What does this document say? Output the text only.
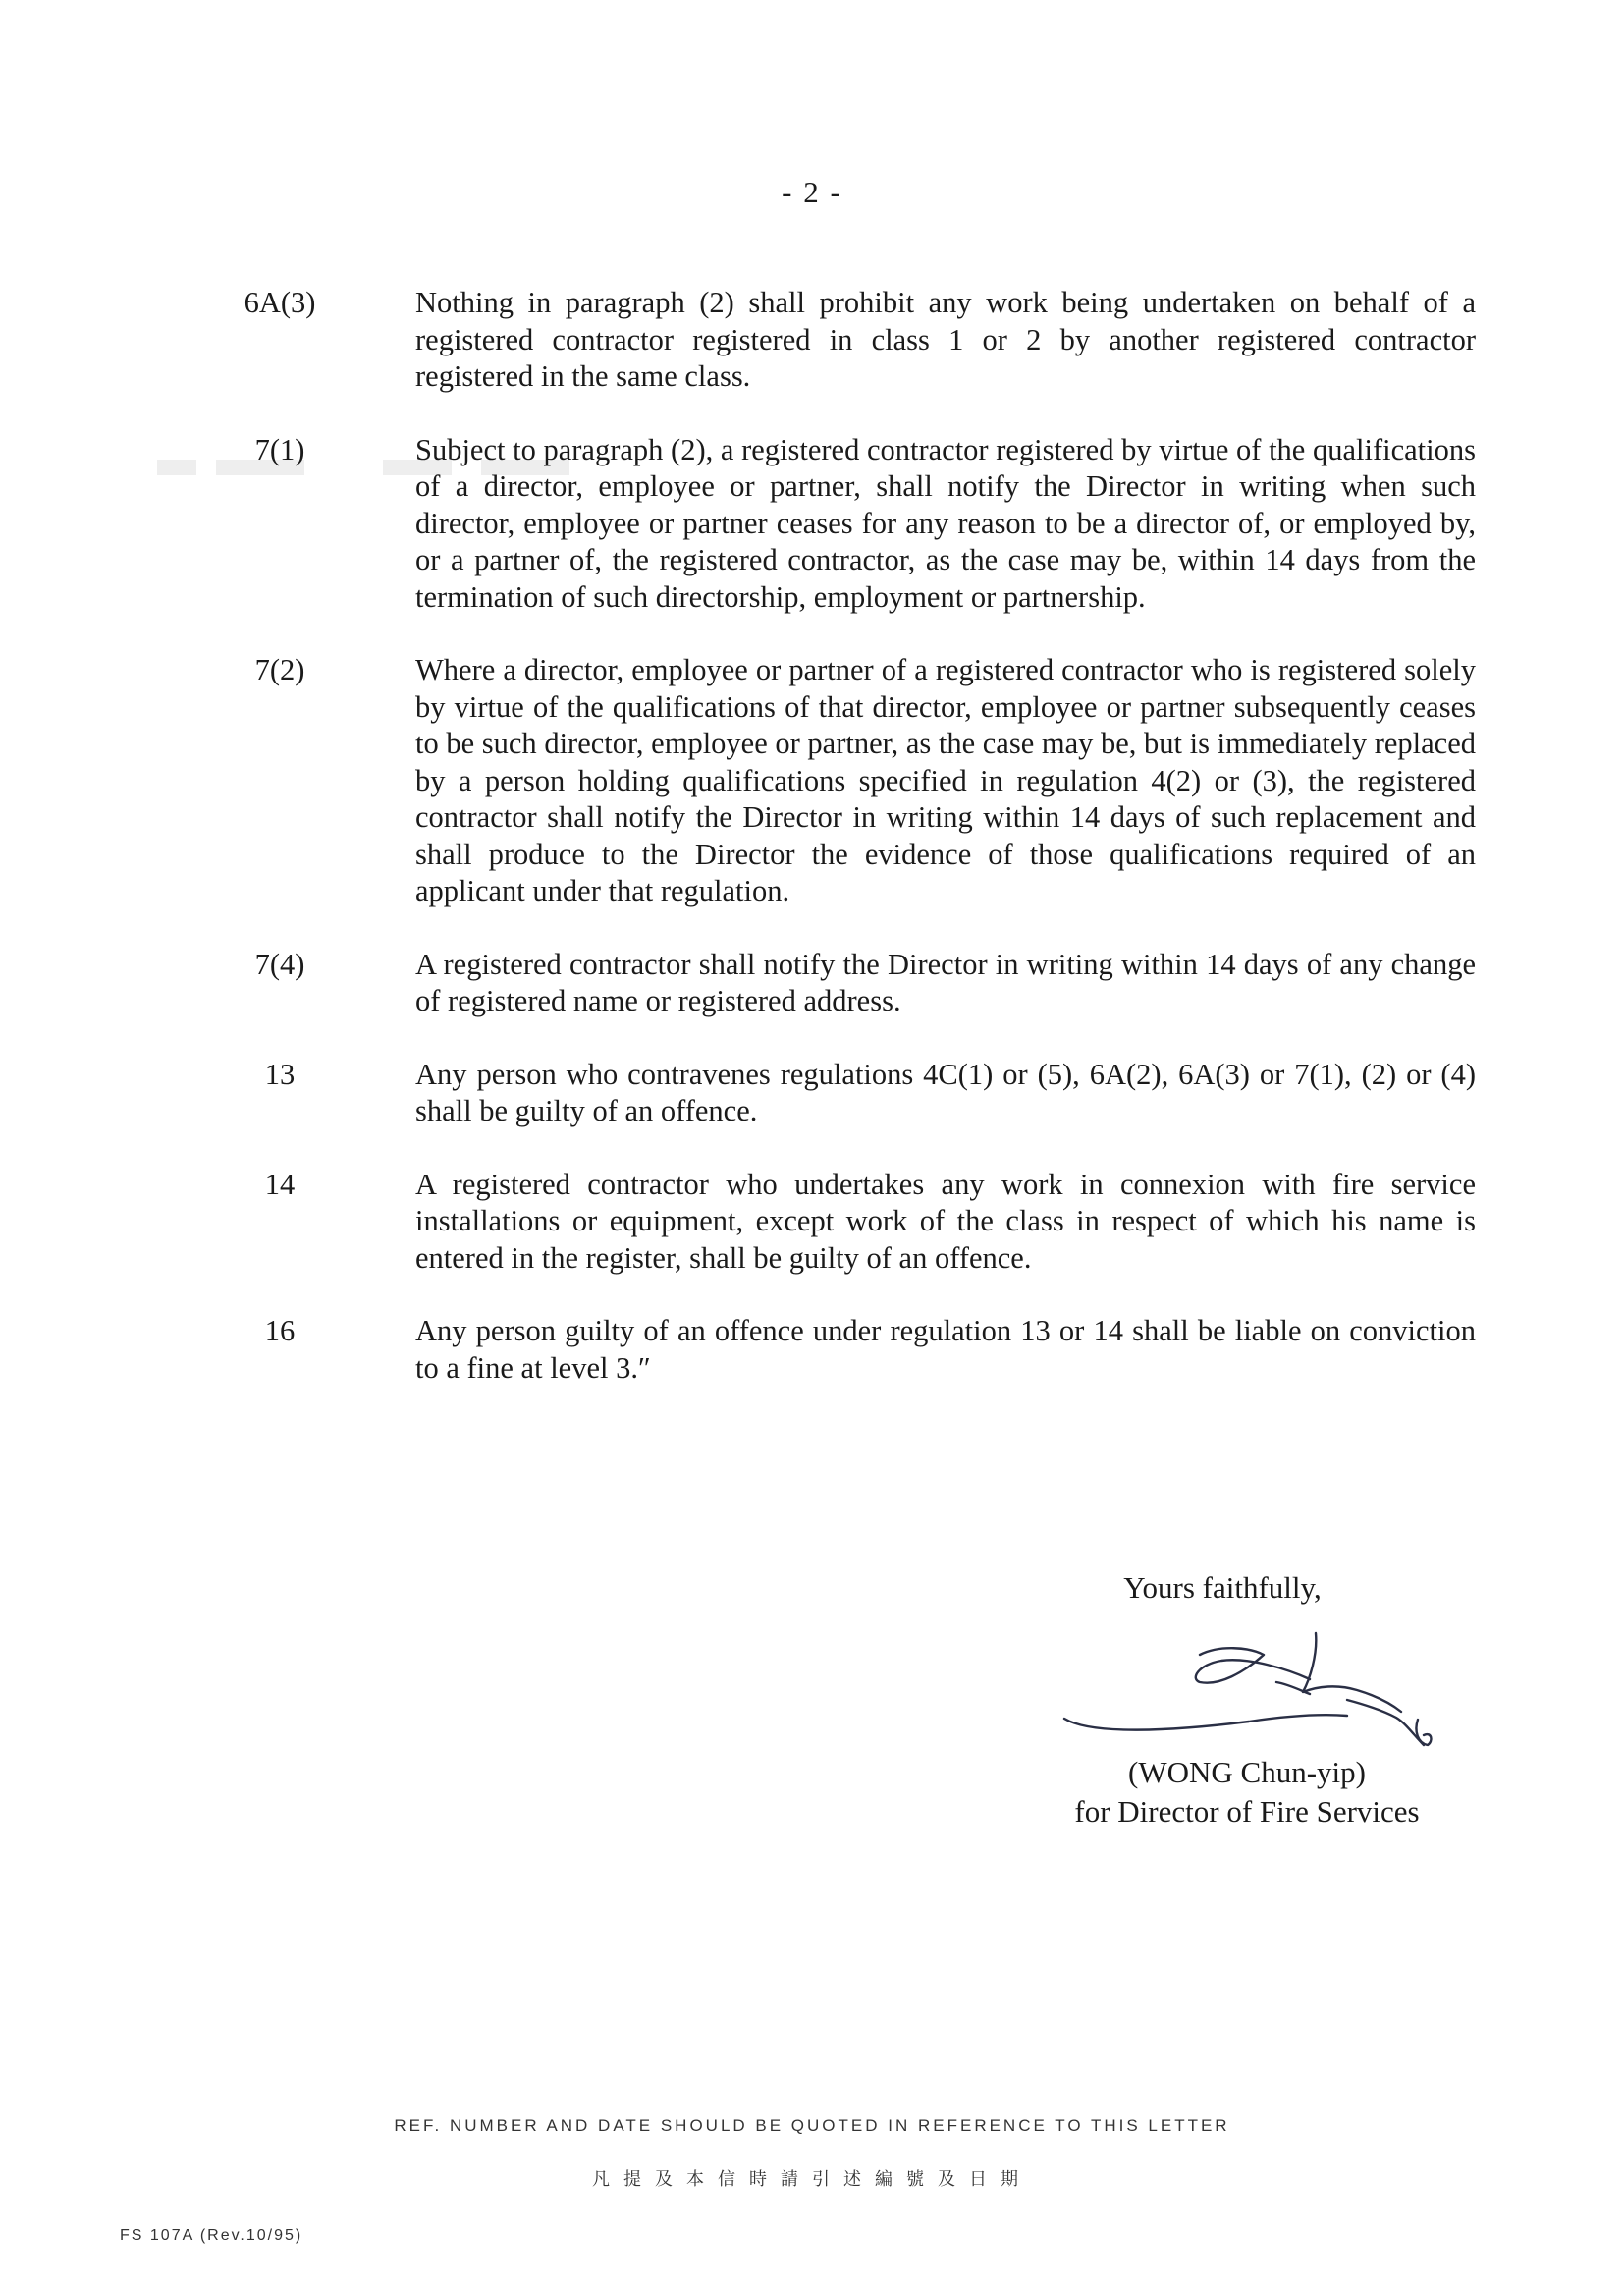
- 2 -
6A(3)	Nothing in paragraph (2) shall prohibit any work being undertaken on behalf of a registered contractor registered in class 1 or 2 by another registered contractor registered in the same class.
7(1)	Subject to paragraph (2), a registered contractor registered by virtue of the qualifications of a director, employee or partner, shall notify the Director in writing when such director, employee or partner ceases for any reason to be a director of, or employed by, or a partner of, the registered contractor, as the case may be, within 14 days from the termination of such directorship, employment or partnership.
7(2)	Where a director, employee or partner of a registered contractor who is registered solely by virtue of the qualifications of that director, employee or partner subsequently ceases to be such director, employee or partner, as the case may be, but is immediately replaced by a person holding qualifications specified in regulation 4(2) or (3), the registered contractor shall notify the Director in writing within 14 days of such replacement and shall produce to the Director the evidence of those qualifications required of an applicant under that regulation.
7(4)	A registered contractor shall notify the Director in writing within 14 days of any change of registered name or registered address.
13	Any person who contravenes regulations 4C(1) or (5), 6A(2), 6A(3) or 7(1), (2) or (4) shall be guilty of an offence.
14	A registered contractor who undertakes any work in connexion with fire service installations or equipment, except work of the class in respect of which his name is entered in the register, shall be guilty of an offence.
16	Any person guilty of an offence under regulation 13 or 14 shall be liable on conviction to a fine at level 3.″
Yours faithfully,
(WONG Chun-yip)
for Director of Fire Services
REF. NUMBER AND DATE SHOULD BE QUOTED IN REFERENCE TO THIS LETTER
凡提及本信時請引述編號及日期
FS 107A (Rev.10/95)
